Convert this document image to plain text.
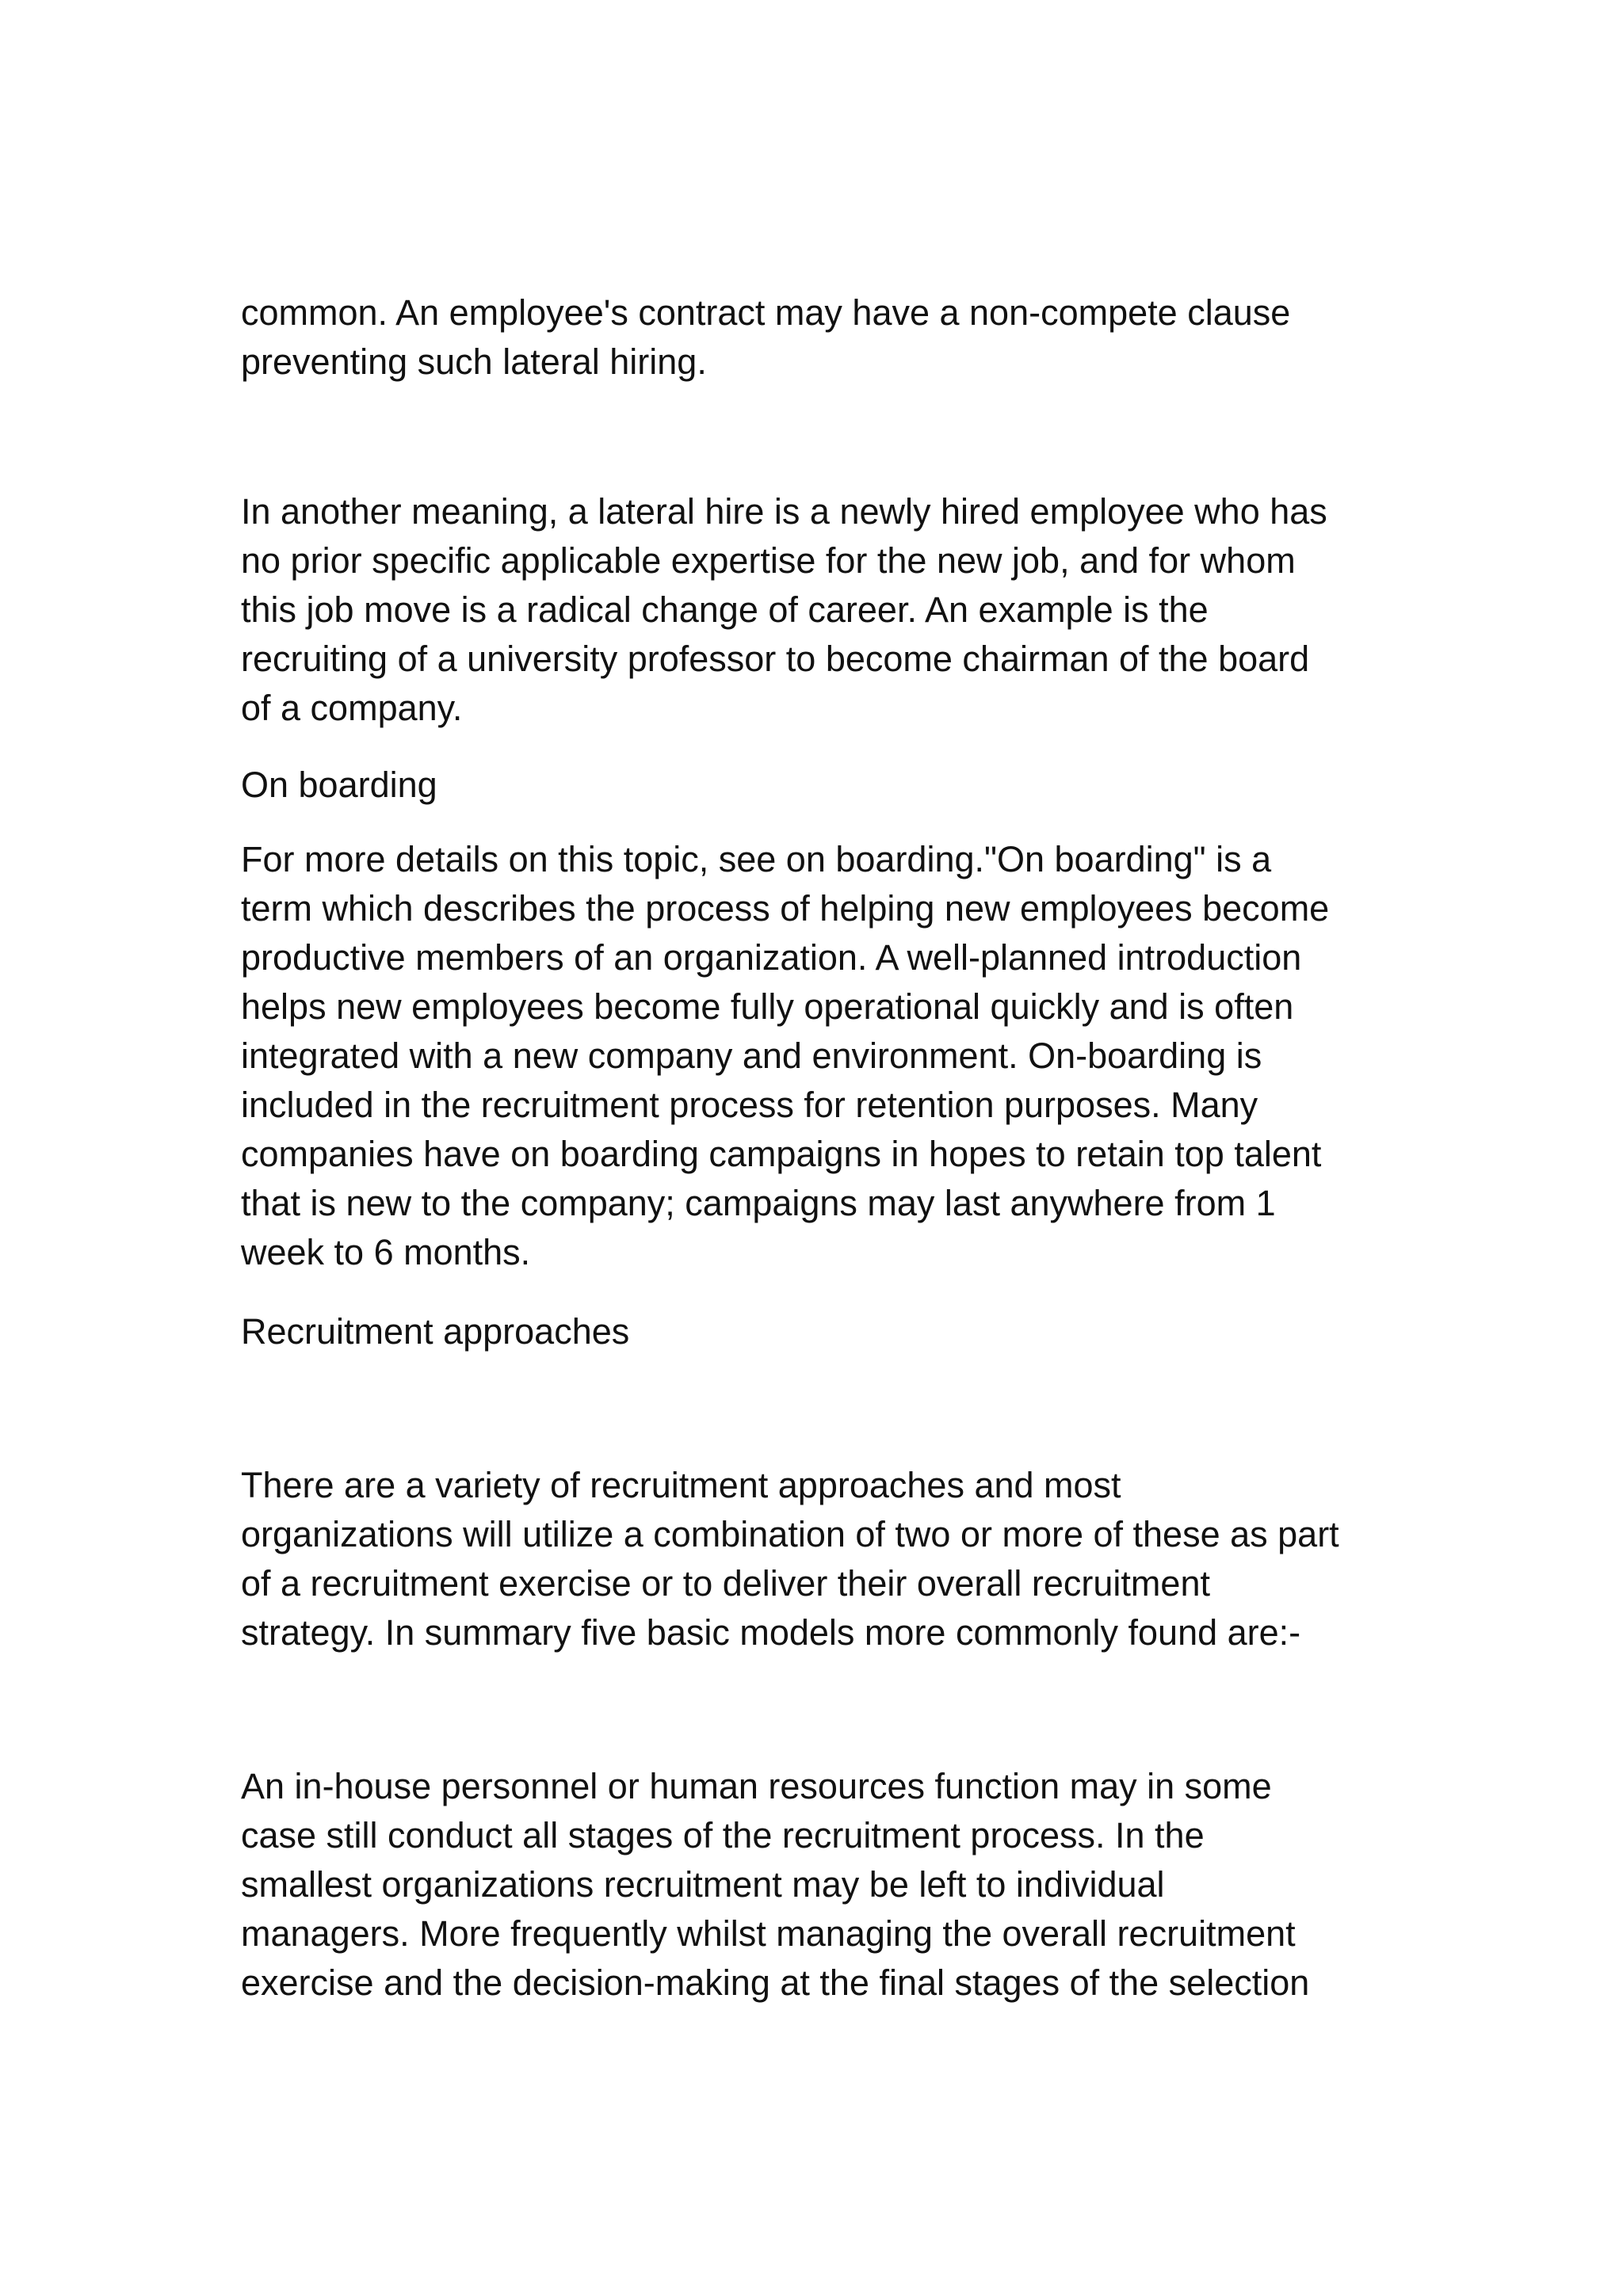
common. An employee's contract may have a non-compete clause
preventing such lateral hiring.

In another meaning, a lateral hire is a newly hired employee who has
no prior specific applicable expertise for the new job, and for whom
this job move is a radical change of career. An example is the
recruiting of a university professor to become chairman of the board
of a company.

On boarding

For more details on this topic, see on boarding."On boarding" is a
term which describes the process of helping new employees become
productive members of an organization. A well-planned introduction
helps new employees become fully operational quickly and is often
integrated with a new company and environment. On-boarding is
included in the recruitment process for retention purposes. Many
companies have on boarding campaigns in hopes to retain top talent
that is new to the company; campaigns may last anywhere from 1
week to 6 months.

Recruitment approaches

There are a variety of recruitment approaches and most
organizations will utilize a combination of two or more of these as part
of a recruitment exercise or to deliver their overall recruitment
strategy. In summary five basic models more commonly found are:-

An in-house personnel or human resources function may in some
case still conduct all stages of the recruitment process. In the
smallest organizations recruitment may be left to individual
managers. More frequently whilst managing the overall recruitment
exercise and the decision-making at the final stages of the selection
